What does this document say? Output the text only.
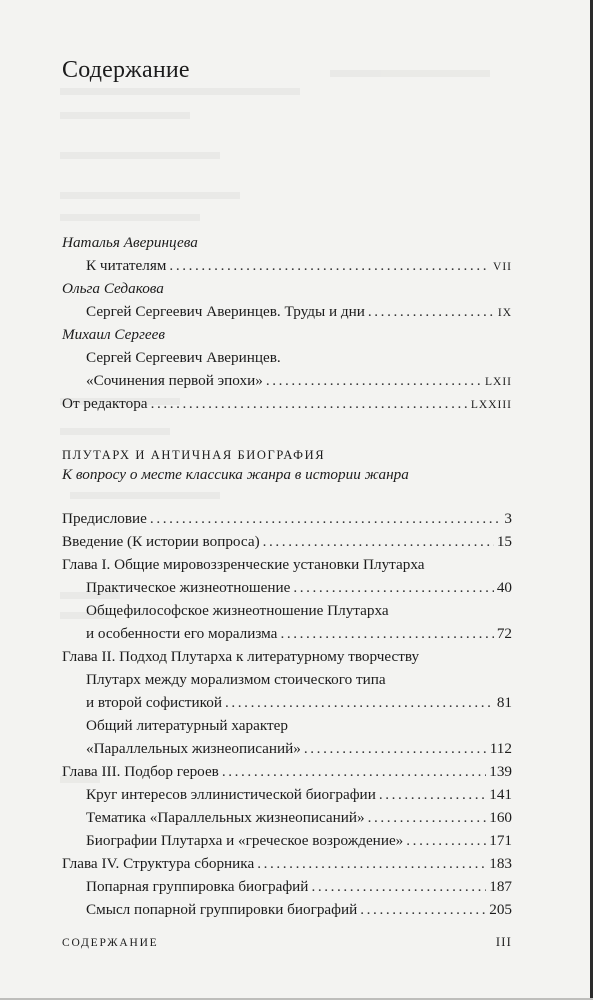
Содержание
Наталья Аверинцева
К читателям . . .	VII
Ольга Седакова
Сергей Сергеевич Аверинцев. Труды и дни . . .	IX
Михаил Сергеев
Сергей Сергеевич Аверинцев.
«Сочинения первой эпохи» . . .	LXII
От редактора . . .	LXXIII
ПЛУТАРХ И АНТИЧНАЯ БИОГРАФИЯ
К вопросу о месте классика жанра в истории жанра
Предисловие . . .	3
Введение (К истории вопроса) . . .	15
Глава I. Общие мировоззренческие установки Плутарха
Практическое жизнеотношение . . .	40
Общефилософское жизнеотношение Плутарха
и особенности его морализма . . .	72
Глава II. Подход Плутарха к литературному творчеству
Плутарх между морализмом стоического типа
и второй софистикой . . .	81
Общий литературный характер
«Параллельных жизнеописаний» . . .	112
Глава III. Подбор героев . . .	139
Круг интересов эллинистической биографии . . .	141
Тематика «Параллельных жизнеописаний» . . .	160
Биографии Плутарха и «греческое возрождение» . . .	171
Глава IV. Структура сборника . . .	183
Попарная группировка биографий . . .	187
Смысл попарной группировки биографий . . .	205
СОДЕРЖАНИЕ	III
